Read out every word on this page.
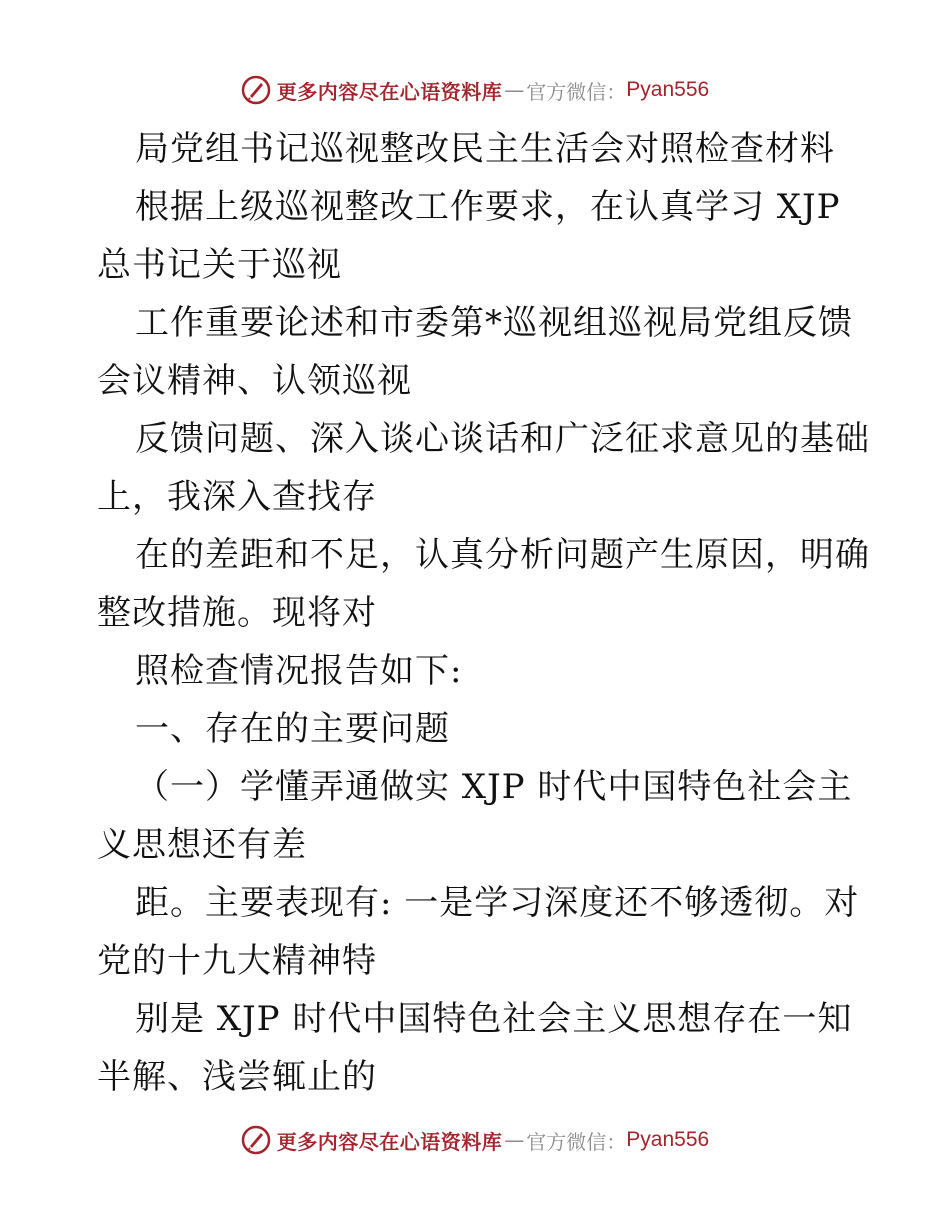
更多内容尽在心语资料库 — 官方微信： Pyan556
局党组书记巡视整改民主生活会对照检查材料
根据上级巡视整改工作要求，在认真学习 XJP
总书记关于巡视
工作重要论述和市委第*巡视组巡视局党组反馈
会议精神、认领巡视
反馈问题、深入谈心谈话和广泛征求意见的基础
上，我深入查找存
在的差距和不足，认真分析问题产生原因，明确
整改措施。现将对
照检查情况报告如下:
一、存在的主要问题
（一）学懂弄通做实 XJP 时代中国特色社会主
义思想还有差
距。主要表现有: 一是学习深度还不够透彻。对
党的十九大精神特
别是 XJP 时代中国特色社会主义思想存在一知
半解、浅尝辄止的
更多内容尽在心语资料库 — 官方微信： Pyan556
